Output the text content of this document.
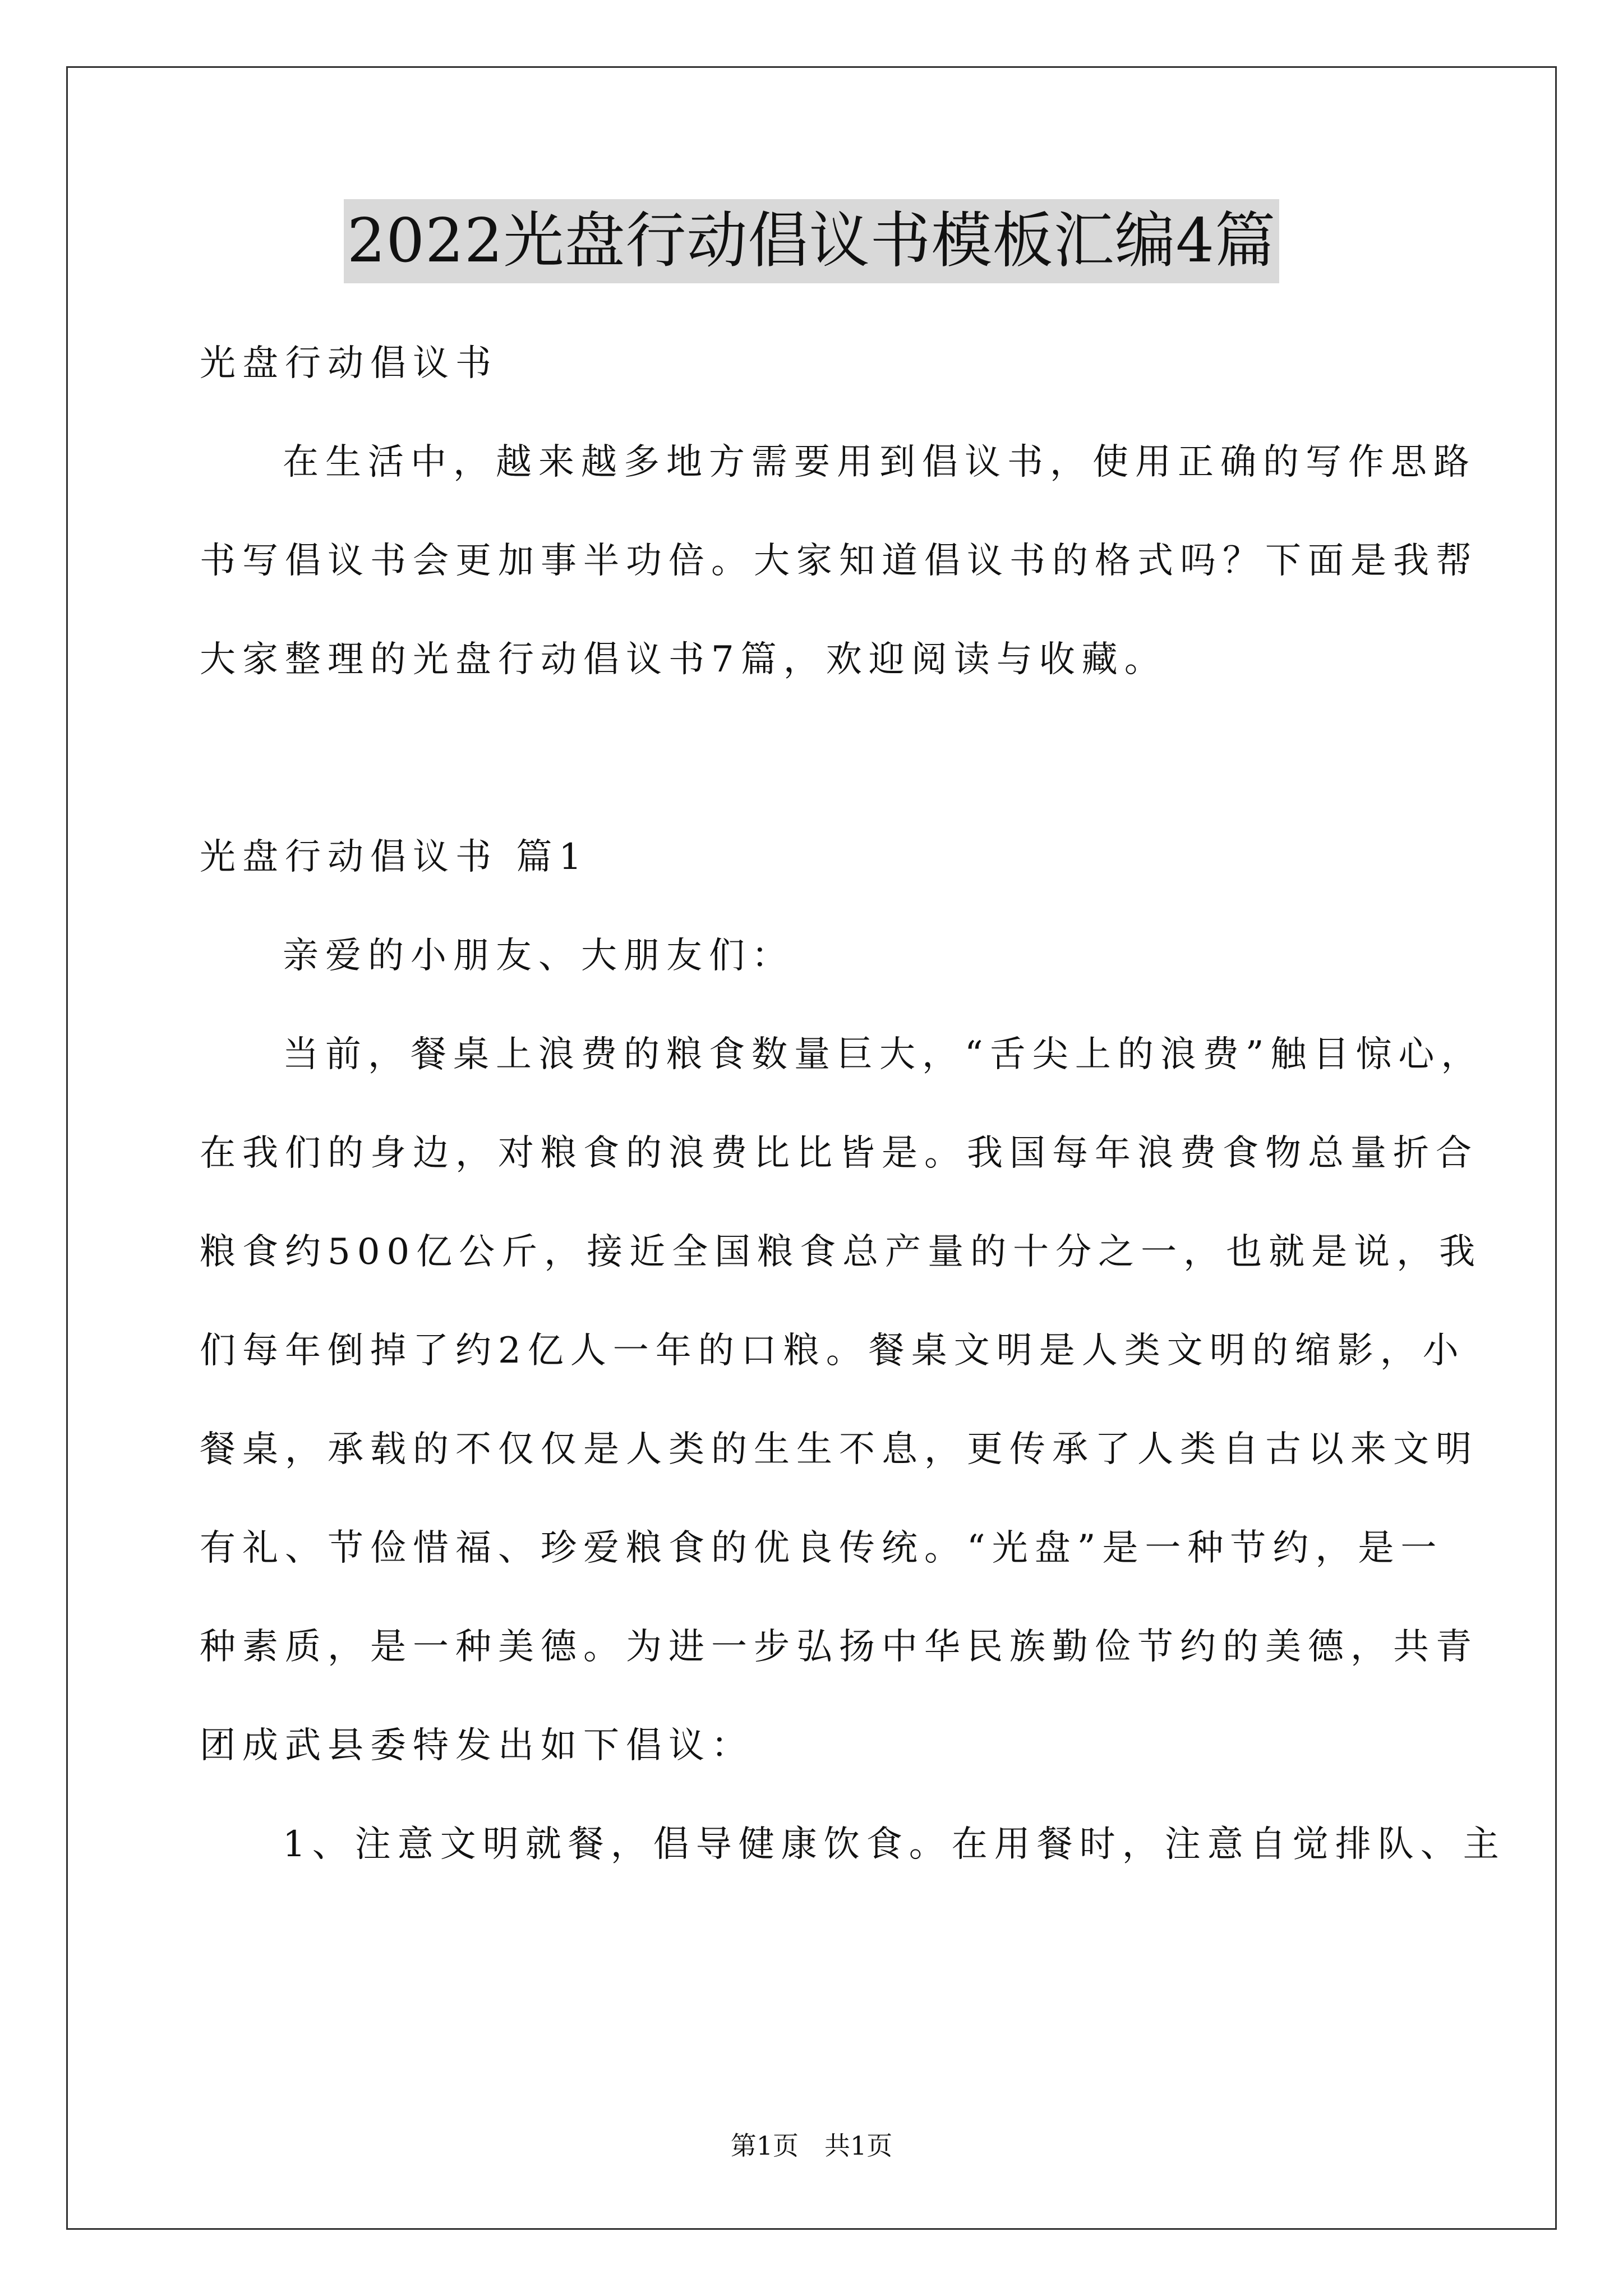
2022光盘行动倡议书模板汇编4篇
光盘行动倡议书
在生活中，越来越多地方需要用到倡议书，使用正确的写作思路
书写倡议书会更加事半功倍。大家知道倡议书的格式吗？下面是我帮
大家整理的光盘行动倡议书7篇，欢迎阅读与收藏。
光盘行动倡议书 篇1
亲爱的小朋友、大朋友们：
当前，餐桌上浪费的粮食数量巨大，“舌尖上的浪费”触目惊心，
在我们的身边，对粮食的浪费比比皆是。我国每年浪费食物总量折合
粮食约500亿公斤，接近全国粮食总产量的十分之一，也就是说，我
们每年倒掉了约2亿人一年的口粮。餐桌文明是人类文明的缩影，小
餐桌，承载的不仅仅是人类的生生不息，更传承了人类自古以来文明
有礼、节俭惜福、珍爱粮食的优良传统。“光盘”是一种节约，是一
种素质，是一种美德。为进一步弘扬中华民族勤俭节约的美德，共青
团成武县委特发出如下倡议：
1、注意文明就餐，倡导健康饮食。在用餐时，注意自觉排队、主
第1页　共1页
